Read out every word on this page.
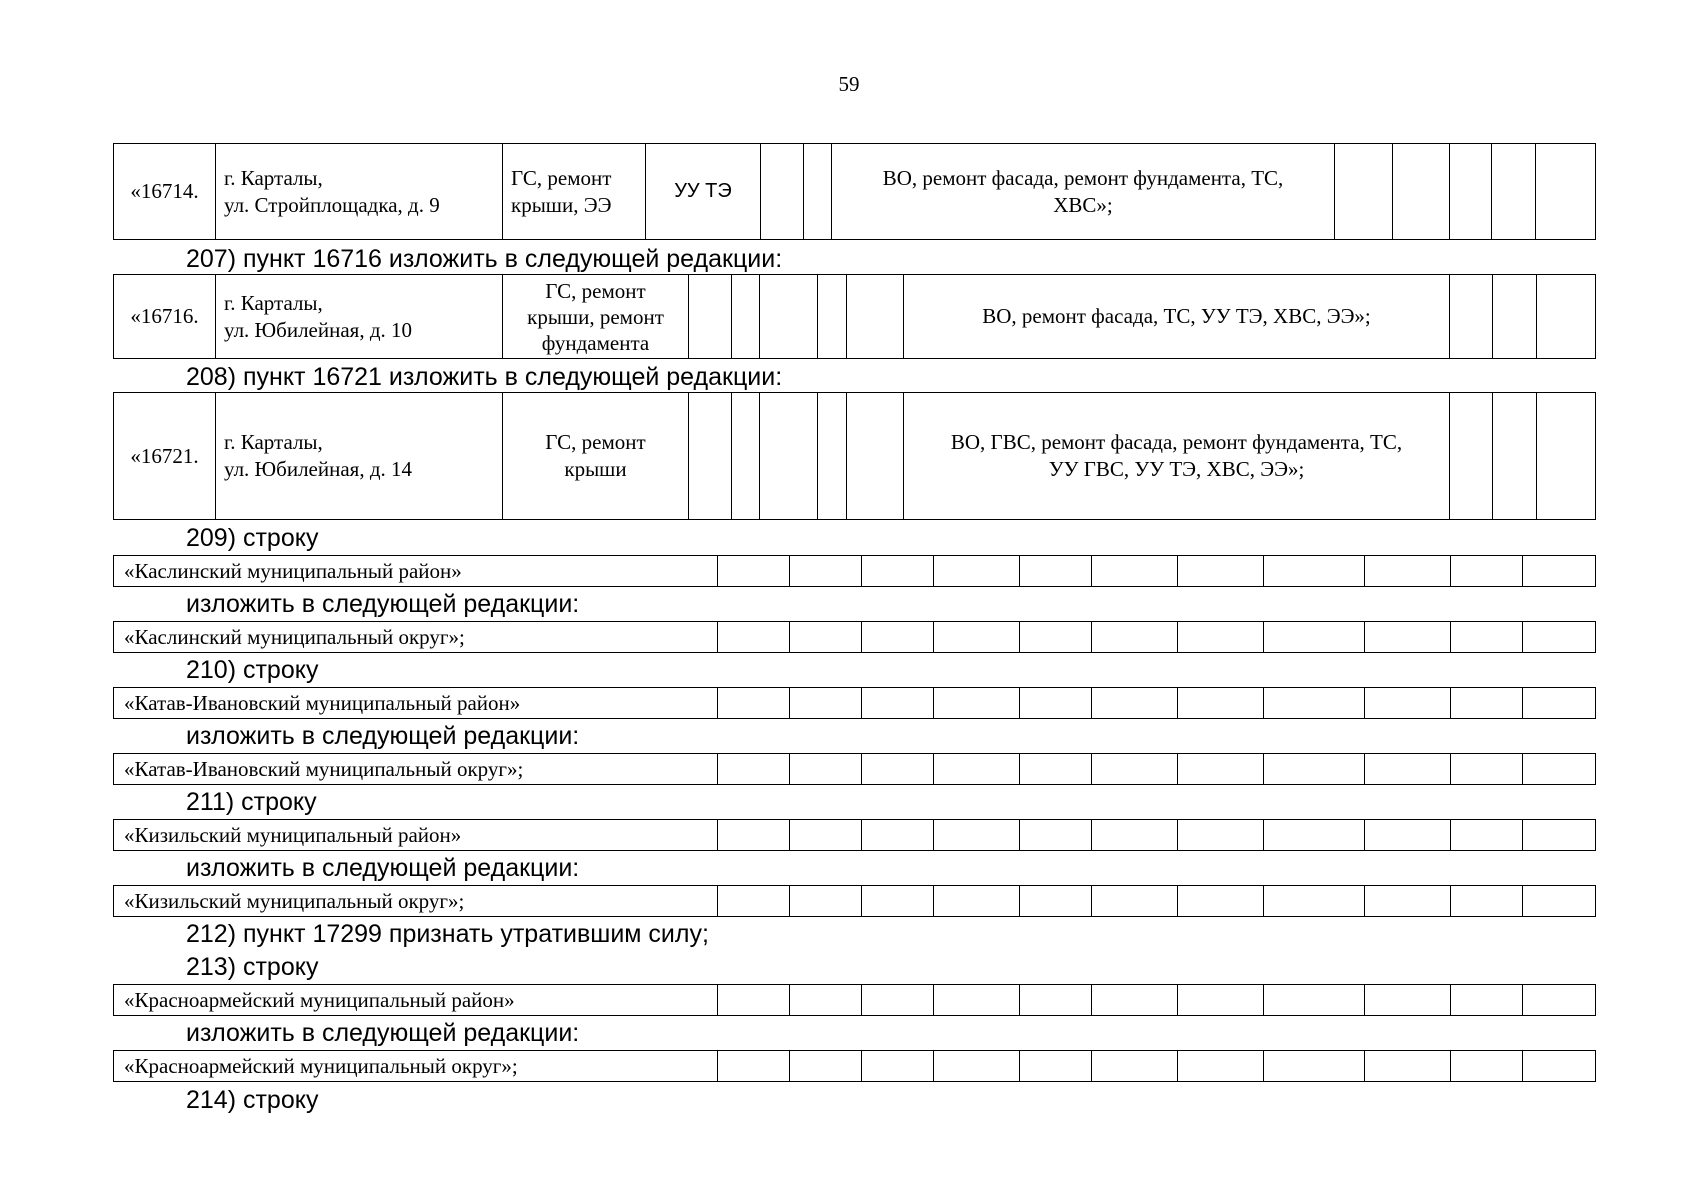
59
«16714.	г. Карталы,
ул. Стройплощадка, д. 9	ГС, ремонт
крыши, ЭЭ	УУ ТЭ			ВО, ремонт фасада, ремонт фундамента, ТС,
ХВС»;					
207) пункт 16716 изложить в следующей редакции:
«16716.	г. Карталы,
ул. Юбилейная, д. 10	ГС, ремонт
крыши, ремонт
фундамента						ВО, ремонт фасада, ТС, УУ ТЭ, ХВС, ЭЭ»;			
208) пункт 16721 изложить в следующей редакции:
«16721.	г. Карталы,
ул. Юбилейная, д. 14	ГС, ремонт
крыши						ВО, ГВС, ремонт фасада, ремонт фундамента, ТС,
УУ ГВС, УУ ТЭ, ХВС, ЭЭ»;			
209) строку
«Каслинский муниципальный район»											
изложить в следующей редакции:
«Каслинский муниципальный округ»;											
210) строку
«Катав-Ивановский муниципальный район»											
изложить в следующей редакции:
«Катав-Ивановский муниципальный округ»;											
211) строку
«Кизильский муниципальный район»											
изложить в следующей редакции:
«Кизильский муниципальный округ»;											
212) пункт 17299 признать утратившим силу;
213) строку
«Красноармейский муниципальный район»											
изложить в следующей редакции:
«Красноармейский муниципальный округ»;											
214) строку
